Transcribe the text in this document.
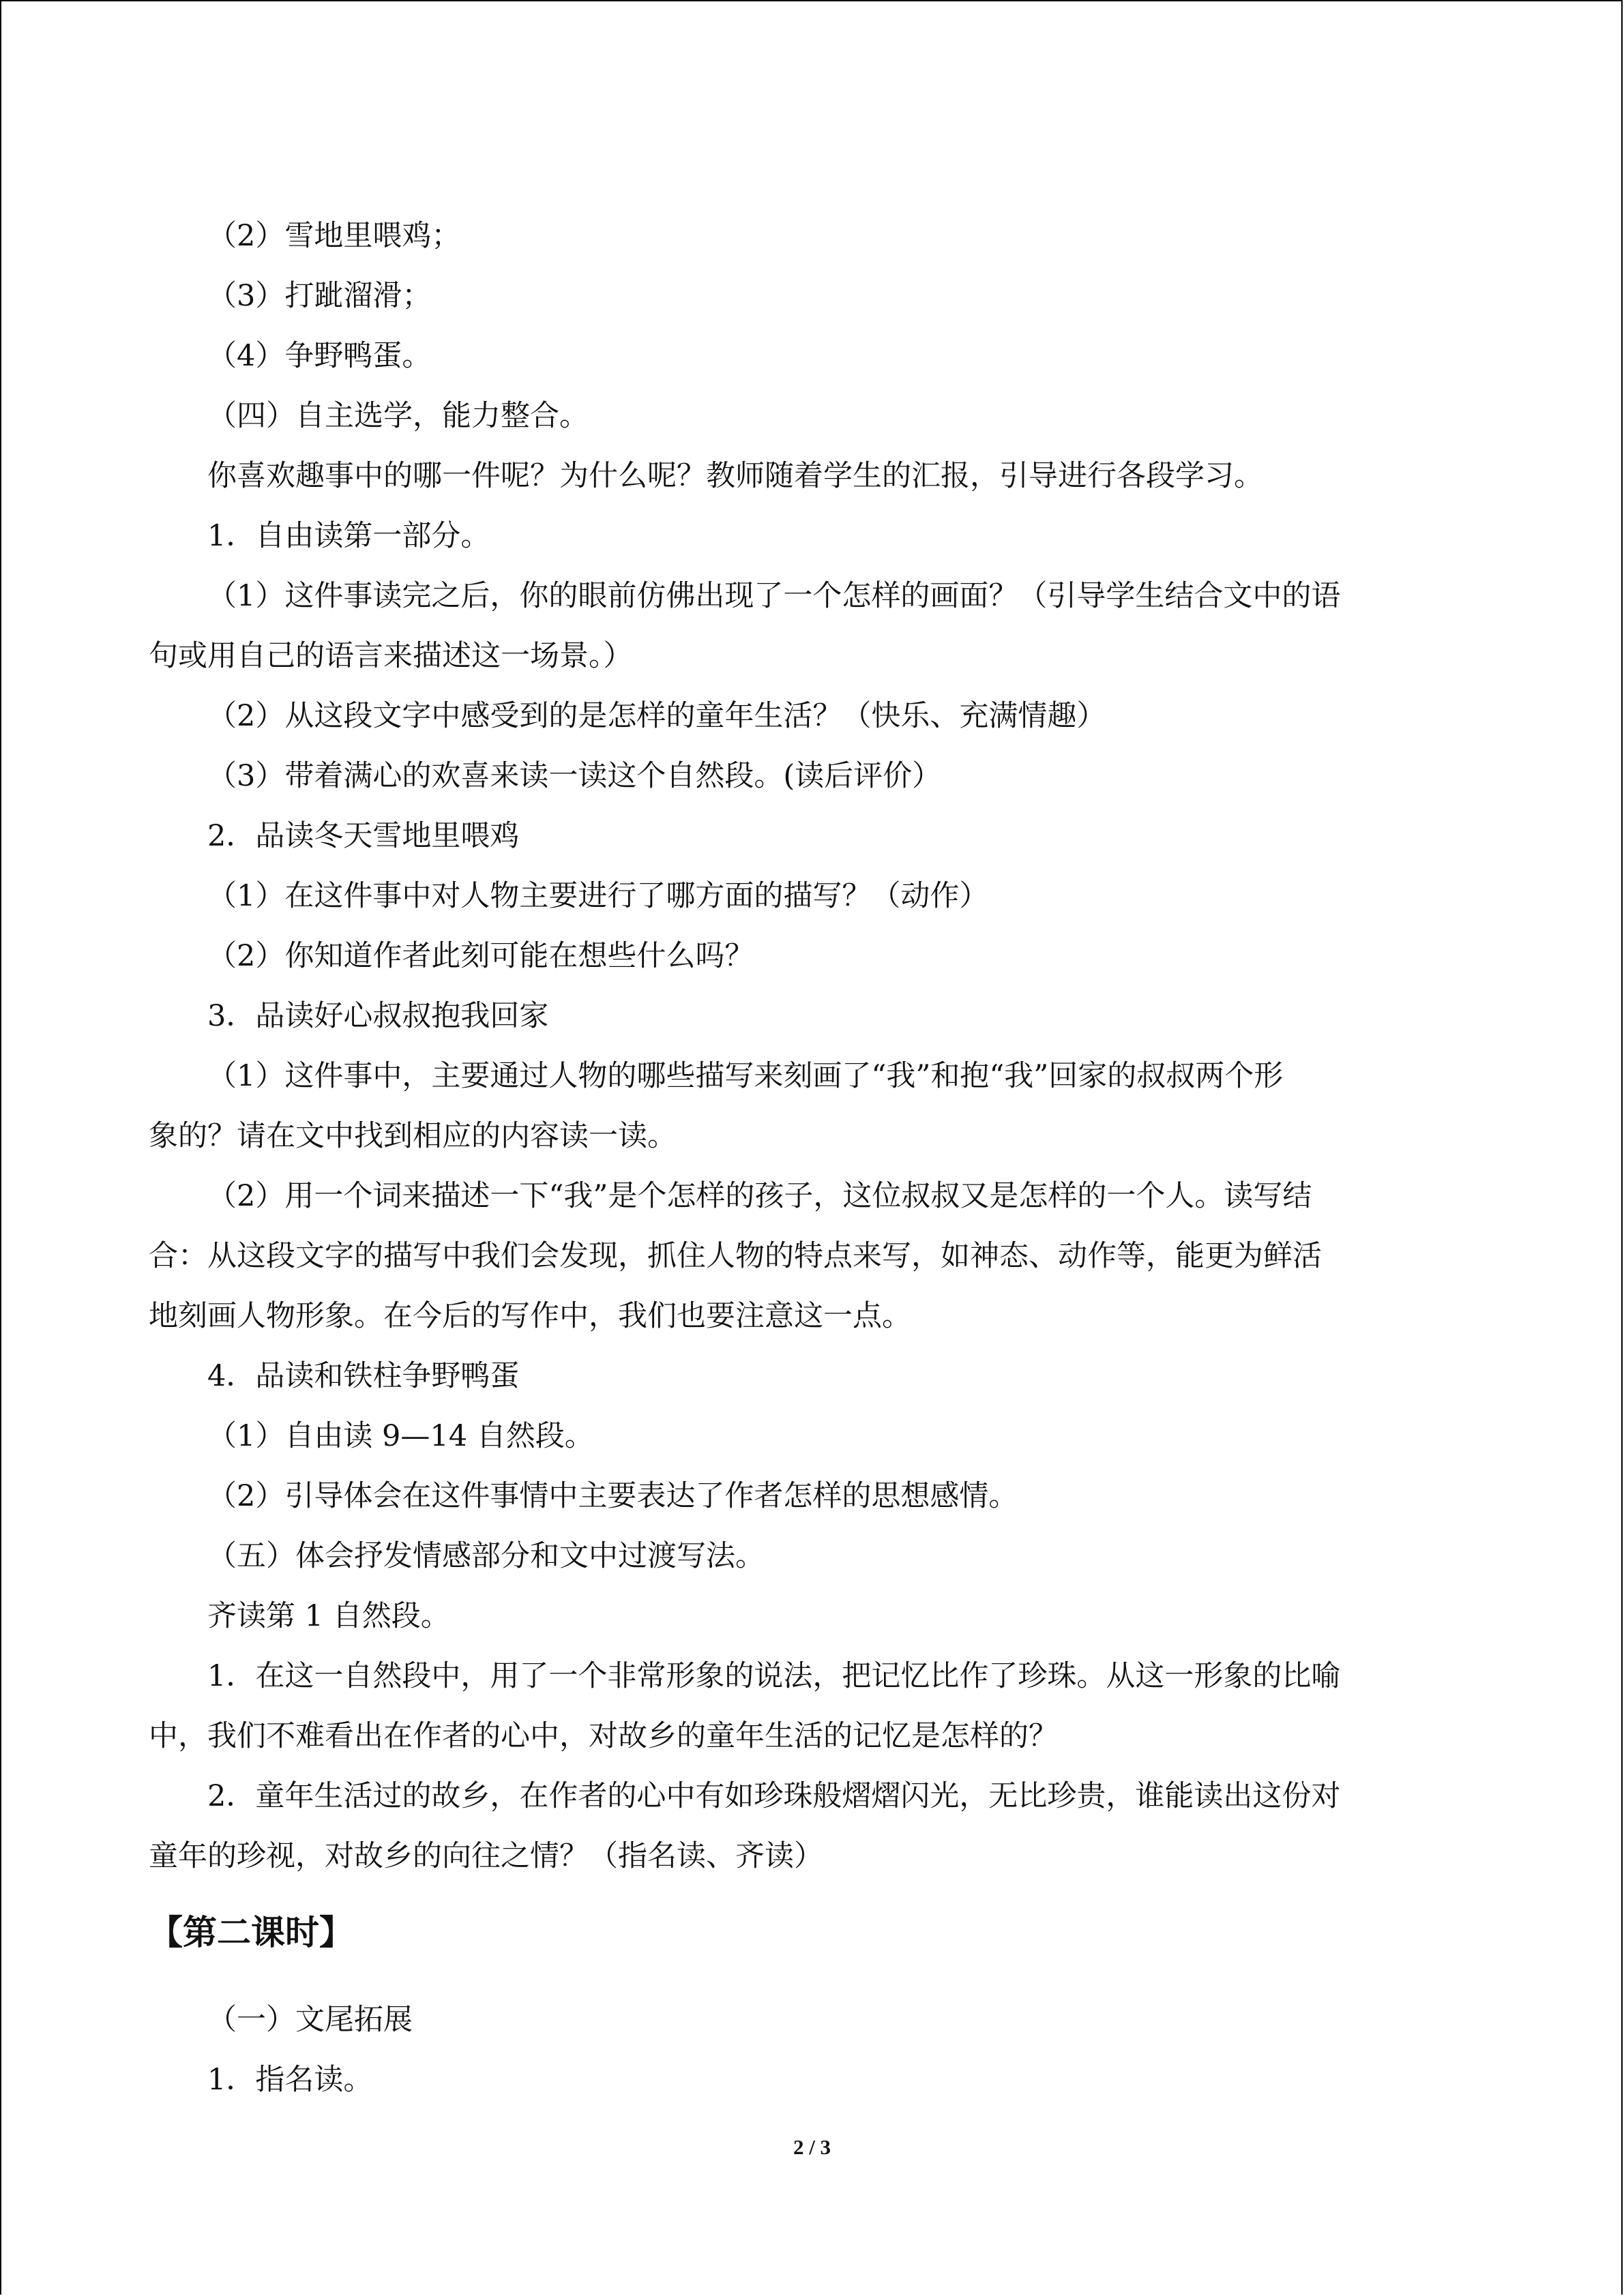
（2）雪地里喂鸡；
（3）打跐溜滑；
（4）争野鸭蛋。
（四）自主选学，能力整合。
你喜欢趣事中的哪一件呢？为什么呢？教师随着学生的汇报，引导进行各段学习。
1．自由读第一部分。
（1）这件事读完之后，你的眼前仿佛出现了一个怎样的画面？（引导学生结合文中的语
句或用自己的语言来描述这一场景。）
（2）从这段文字中感受到的是怎样的童年生活？（快乐、充满情趣）
（3）带着满心的欢喜来读一读这个自然段。(读后评价）
2．品读冬天雪地里喂鸡
（1）在这件事中对人物主要进行了哪方面的描写？（动作）
（2）你知道作者此刻可能在想些什么吗？
3．品读好心叔叔抱我回家
（1）这件事中，主要通过人物的哪些描写来刻画了“我”和抱“我”回家的叔叔两个形
象的？请在文中找到相应的内容读一读。
（2）用一个词来描述一下“我”是个怎样的孩子，这位叔叔又是怎样的一个人。读写结
合：从这段文字的描写中我们会发现，抓住人物的特点来写，如神态、动作等，能更为鲜活
地刻画人物形象。在今后的写作中，我们也要注意这一点。
4．品读和铁柱争野鸭蛋
（1）自由读 9—14 自然段。
（2）引导体会在这件事情中主要表达了作者怎样的思想感情。
（五）体会抒发情感部分和文中过渡写法。
齐读第 1 自然段。
1．在这一自然段中，用了一个非常形象的说法，把记忆比作了珍珠。从这一形象的比喻
中，我们不难看出在作者的心中，对故乡的童年生活的记忆是怎样的？
2．童年生活过的故乡，在作者的心中有如珍珠般熠熠闪光，无比珍贵，谁能读出这份对
童年的珍视，对故乡的向往之情？（指名读、齐读）
【第二课时】
（一）文尾拓展
1．指名读。
2 / 3
